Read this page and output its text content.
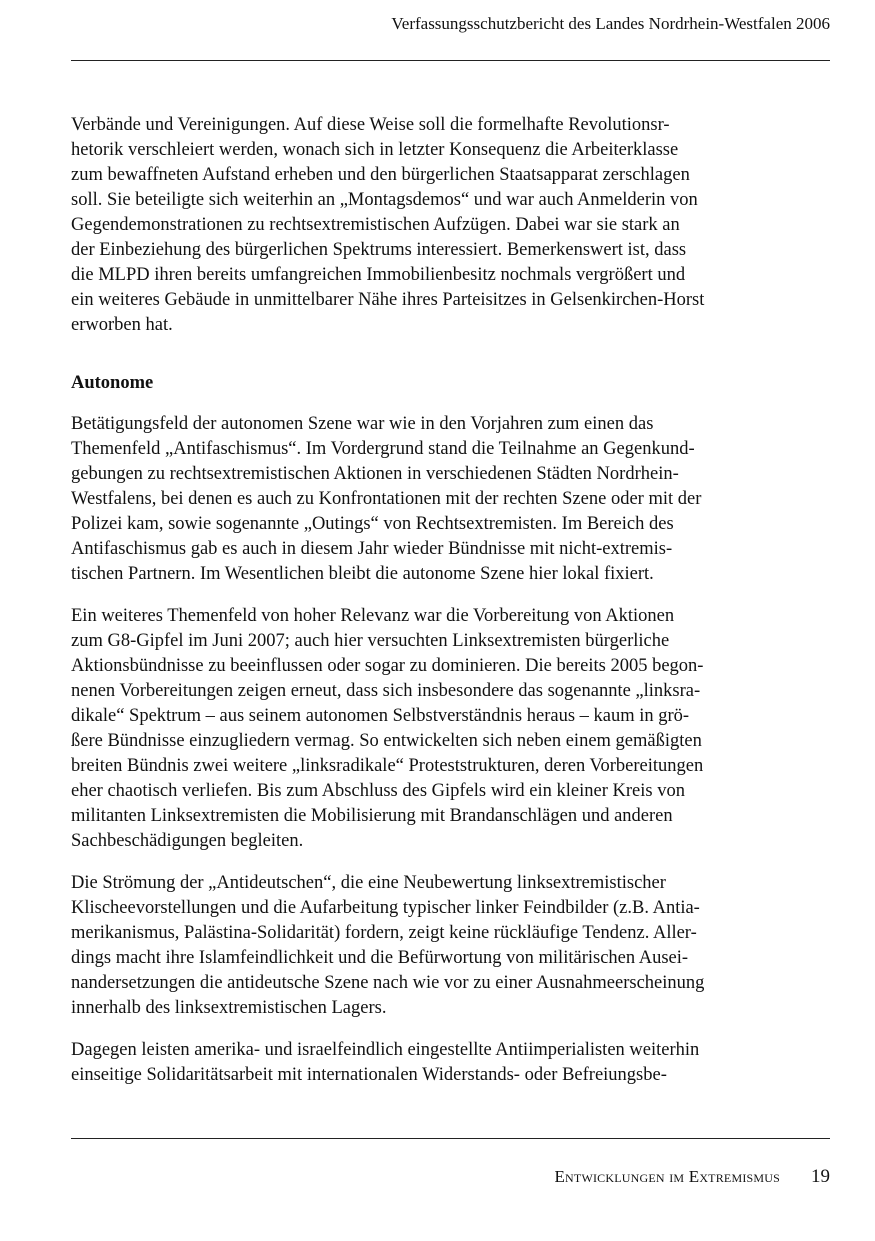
Verfassungsschutzbericht des Landes Nordrhein-Westfalen 2006

Verbände und Vereinigungen. Auf diese Weise soll die formelhafte Revolutionsr-
hetorik verschleiert werden, wonach sich in letzter Konsequenz die Arbeiterklasse
zum bewaffneten Aufstand erheben und den bürgerlichen Staatsapparat zerschlagen
soll. Sie beteiligte sich weiterhin an „Montagsdemos“ und war auch Anmelderin von
Gegendemonstrationen zu rechtsextremistischen Aufzügen. Dabei war sie stark an
der Einbeziehung des bürgerlichen Spektrums interessiert. Bemerkenswert ist, dass
die MLPD ihren bereits umfangreichen Immobilienbesitz nochmals vergrößert und
ein weiteres Gebäude in unmittelbarer Nähe ihres Parteisitzes in Gelsenkirchen-Horst
erworben hat.

Autonome

Betätigungsfeld der autonomen Szene war wie in den Vorjahren zum einen das
Themenfeld „Antifaschismus“. Im Vordergrund stand die Teilnahme an Gegenkund-
gebungen zu rechtsextremistischen Aktionen in verschiedenen Städten Nordrhein-
Westfalens, bei denen es auch zu Konfrontationen mit der rechten Szene oder mit der
Polizei kam, sowie sogenannte „Outings“ von Rechtsextremisten. Im Bereich des
Antifaschismus gab es auch in diesem Jahr wieder Bündnisse mit nicht-extremis-
tischen Partnern. Im Wesentlichen bleibt die autonome Szene hier lokal fixiert.

Ein weiteres Themenfeld von hoher Relevanz war die Vorbereitung von Aktionen
zum G8-Gipfel im Juni 2007; auch hier versuchten Linksextremisten bürgerliche
Aktionsbündnisse zu beeinflussen oder sogar zu dominieren. Die bereits 2005 begon-
nenen Vorbereitungen zeigen erneut, dass sich insbesondere das sogenannte „linksra-
dikale“ Spektrum – aus seinem autonomen Selbstverständnis heraus – kaum in grö-
ßere Bündnisse einzugliedern vermag. So entwickelten sich neben einem gemäßigten
breiten Bündnis zwei weitere „linksradikale“ Proteststrukturen, deren Vorbereitungen
eher chaotisch verliefen. Bis zum Abschluss des Gipfels wird ein kleiner Kreis von
militanten Linksextremisten die Mobilisierung mit Brandanschlägen und anderen
Sachbeschädigungen begleiten.

Die Strömung der „Antideutschen“, die eine Neubewertung linksextremistischer
Klischeevorstellungen und die Aufarbeitung typischer linker Feindbilder (z.B. Antia-
merikanismus, Palästina-Solidarität) fordern, zeigt keine rückläufige Tendenz. Aller-
dings macht ihre Islamfeindlichkeit und die Befürwortung von militärischen Ausei-
nandersetzungen die antideutsche Szene nach wie vor zu einer Ausnahmeerscheinung
innerhalb des linksextremistischen Lagers.

Dagegen leisten amerika- und israelfeindlich eingestellte Antiimperialisten weiterhin
einseitige Solidaritätsarbeit mit internationalen Widerstands- oder Befreiungsbe-

Entwicklungen im Extremismus 19
